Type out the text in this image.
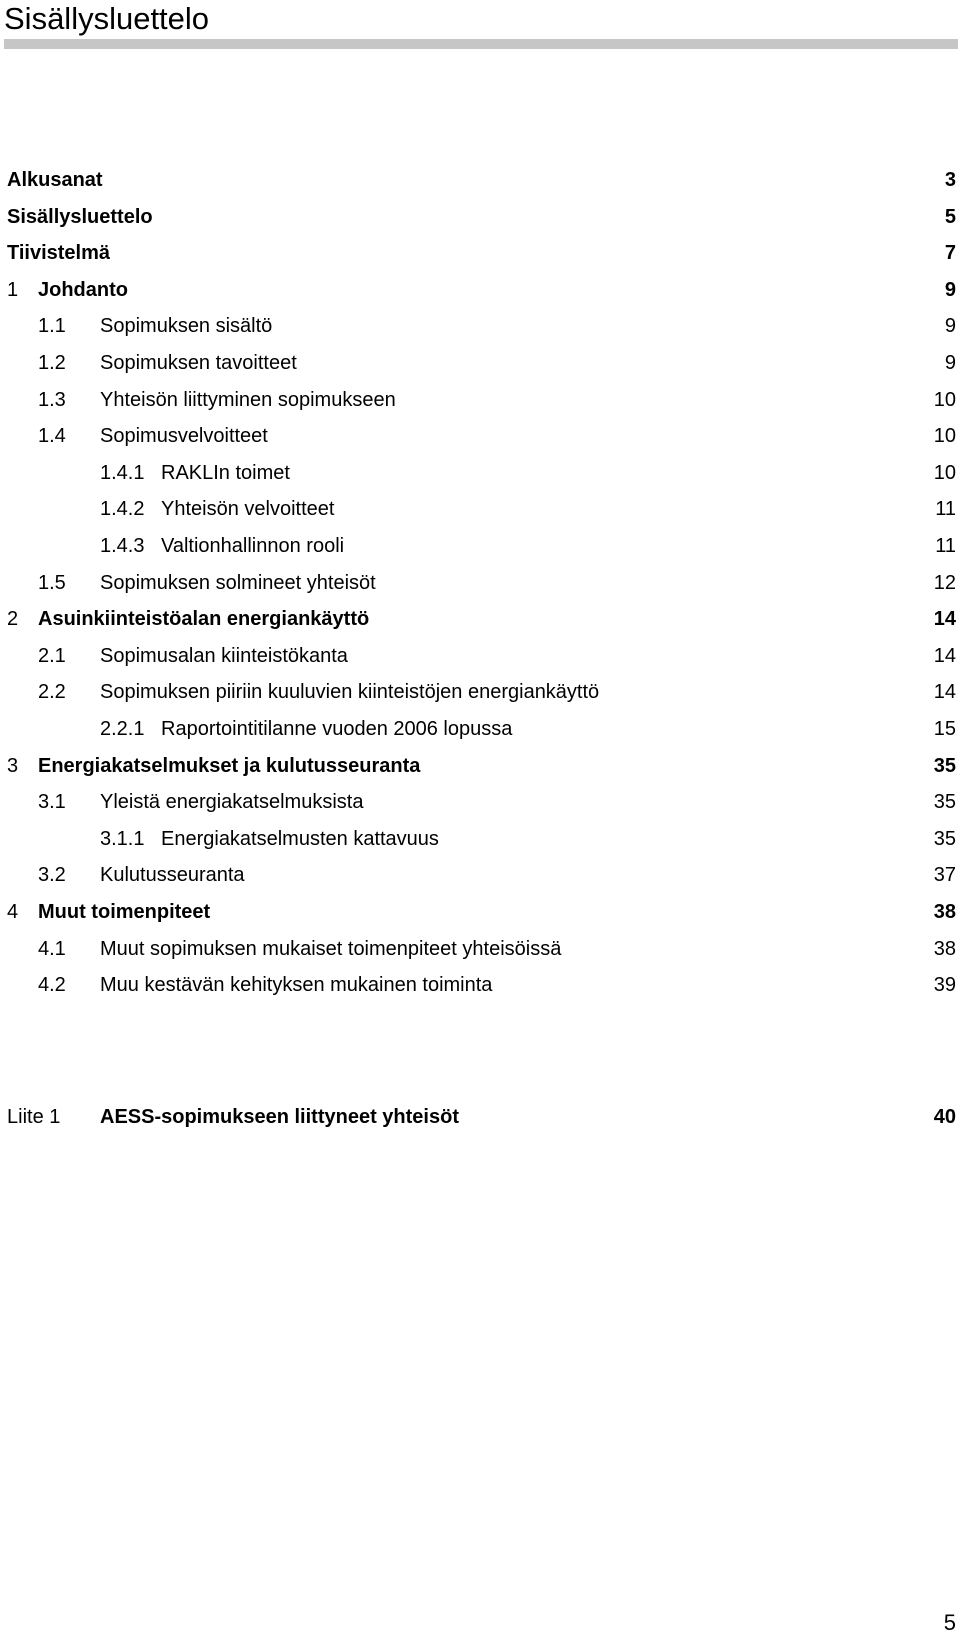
Sisällysluettelo
Alkusanat	3
Sisällysluettelo	5
Tiivistelmä	7
1 Johdanto	9
1.1 Sopimuksen sisältö	9
1.2 Sopimuksen tavoitteet	9
1.3 Yhteisön liittyminen sopimukseen	10
1.4 Sopimusvelvoitteet	10
1.4.1 RAKLIn toimet	10
1.4.2 Yhteisön velvoitteet	11
1.4.3 Valtionhallinnon rooli	11
1.5 Sopimuksen solmineet yhteisöt	12
2 Asuinkiinteistöalan energiankäyttö	14
2.1 Sopimusalan kiinteistökanta	14
2.2 Sopimuksen piiriin kuuluvien kiinteistöjen energiankäyttö	14
2.2.1 Raportointitilanne vuoden 2006 lopussa	15
3 Energiakatselmukset ja kulutusseuranta	35
3.1 Yleistä energiakatselmuksista	35
3.1.1 Energiakatselmusten kattavuus	35
3.2 Kulutusseuranta	37
4 Muut toimenpiteet	38
4.1 Muut sopimuksen mukaiset toimenpiteet yhteisöissä	38
4.2 Muu kestävän kehityksen mukainen toiminta	39
Liite 1 AESS-sopimukseen liittyneet yhteisöt	40
5
